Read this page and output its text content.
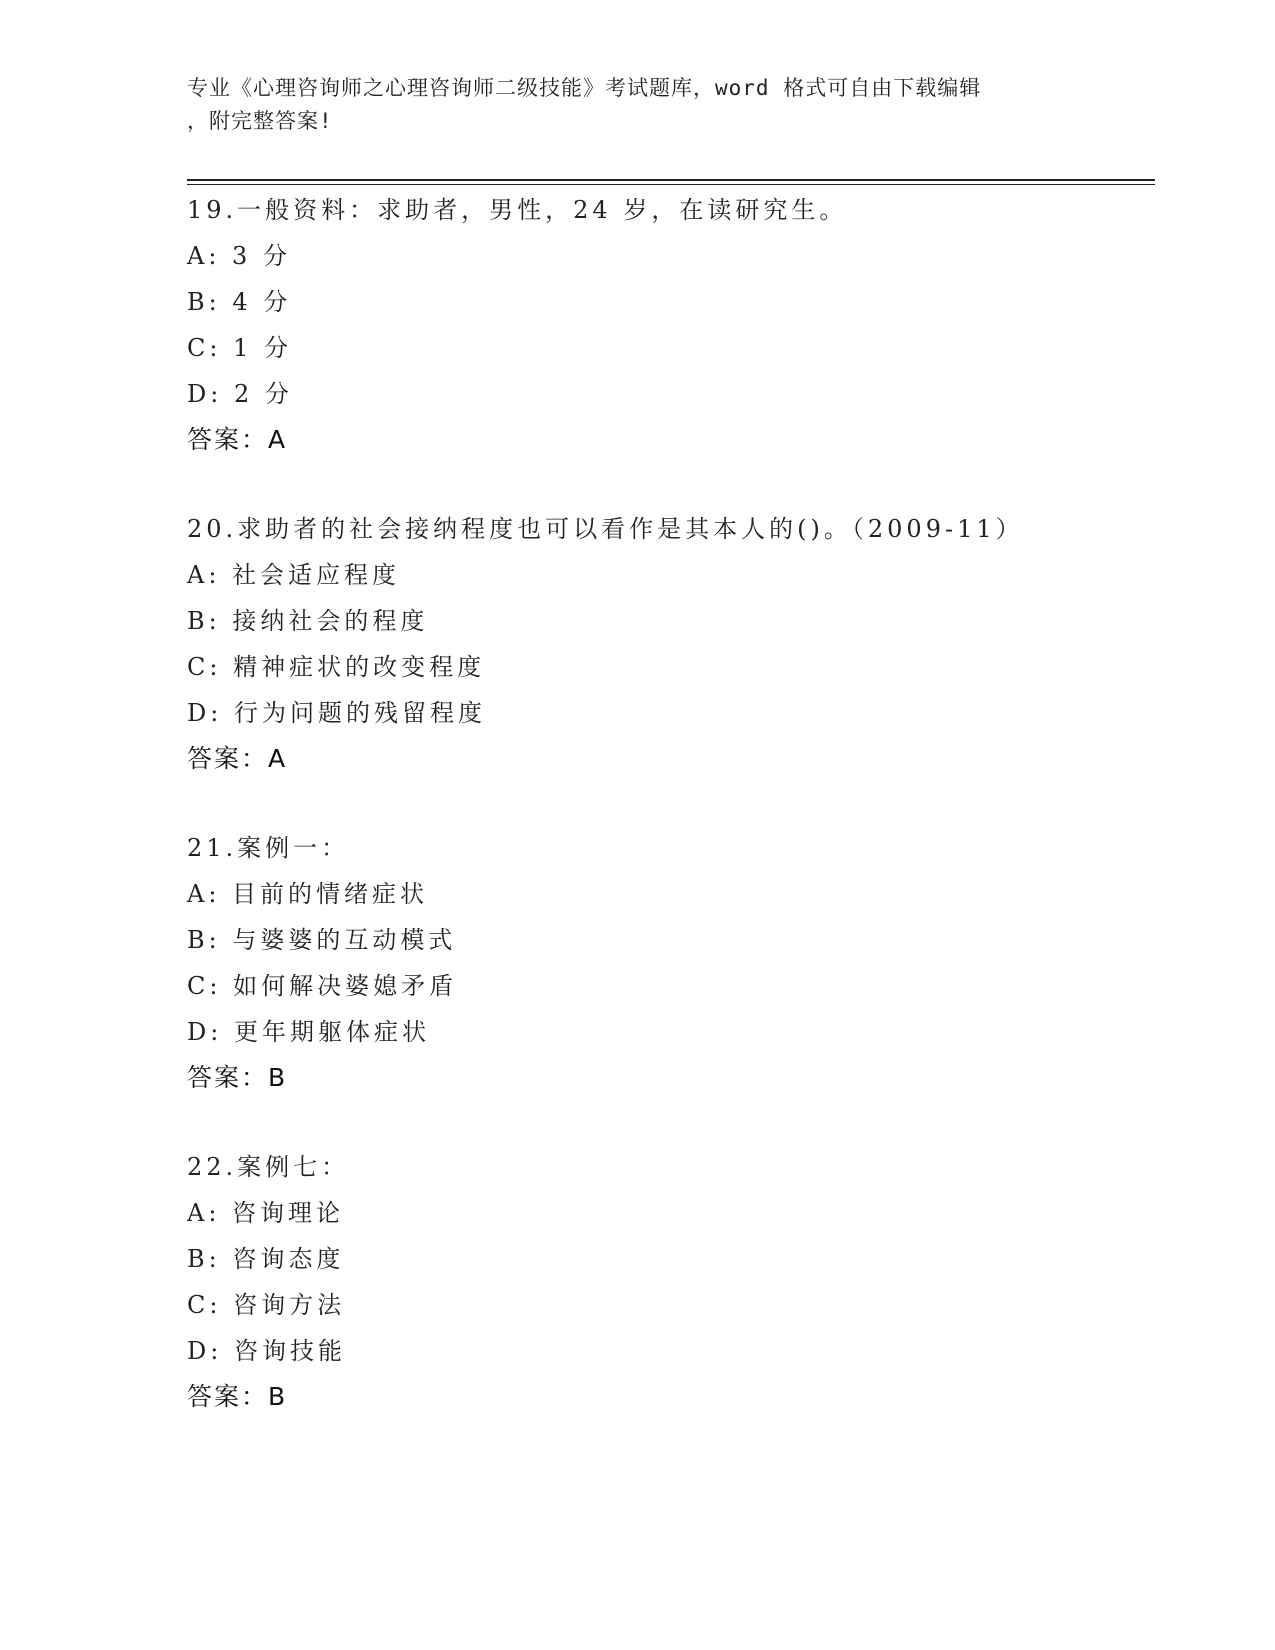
专业《心理咨询师之心理咨询师二级技能》考试题库，word 格式可自由下载编辑
，附完整答案!
19.一般资料：求助者，男性，24 岁，在读研究生。
A: 3 分
B: 4 分
C: 1 分
D: 2 分
答案：A
20.求助者的社会接纳程度也可以看作是其本人的()。（2009-11）
A: 社会适应程度
B: 接纳社会的程度
C: 精神症状的改变程度
D: 行为问题的残留程度
答案：A
21.案例一：
A: 目前的情绪症状
B: 与婆婆的互动模式
C: 如何解决婆媳矛盾
D: 更年期躯体症状
答案：B
22.案例七：
A: 咨询理论
B: 咨询态度
C: 咨询方法
D: 咨询技能
答案：B
